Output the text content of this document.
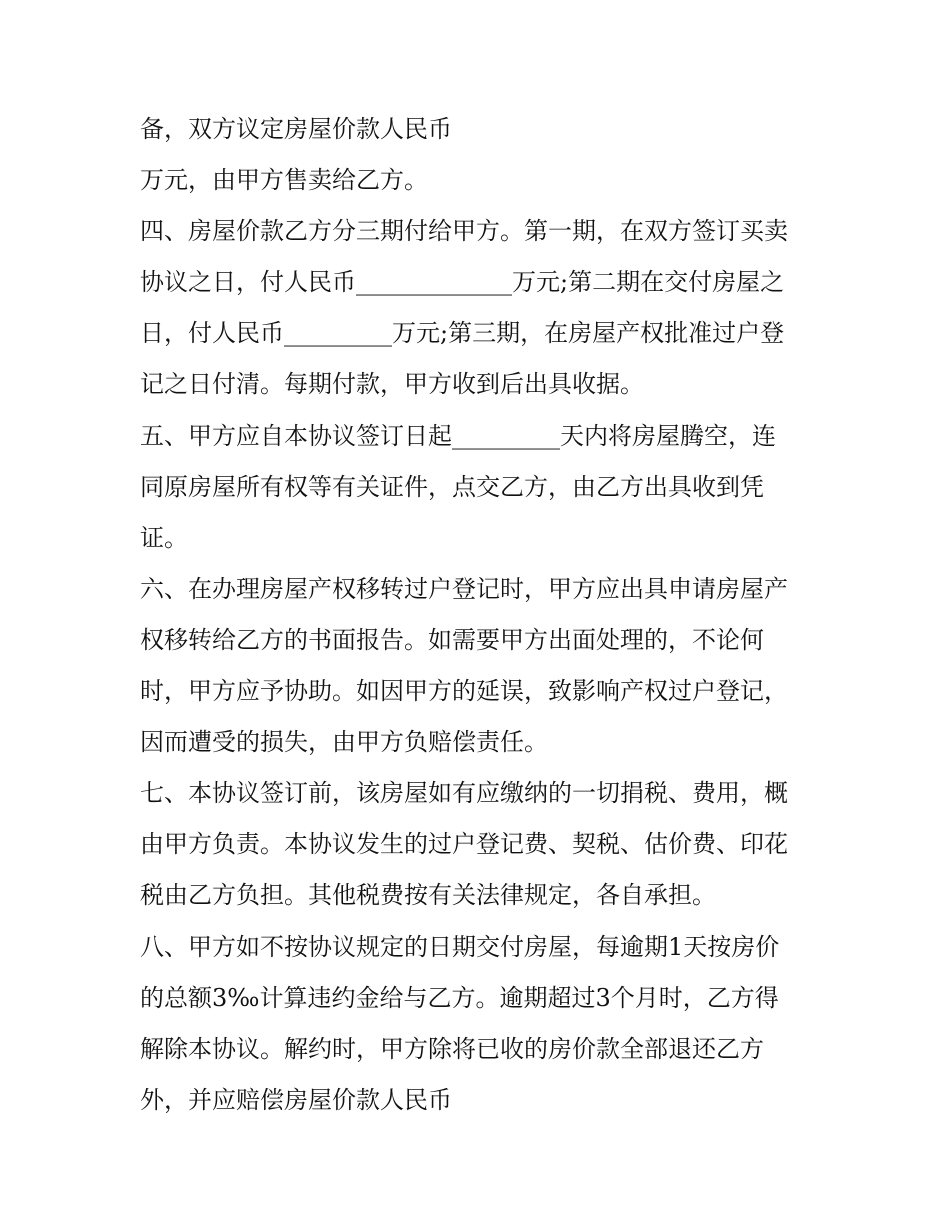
备，双方议定房屋价款人民币
万元，由甲方售卖给乙方。
四、房屋价款乙方分三期付给甲方。第一期，在双方签订买卖
协议之日，付人民币_____________万元;第二期在交付房屋之
日，付人民币_________万元;第三期，在房屋产权批准过户登
记之日付清。每期付款，甲方收到后出具收据。
五、甲方应自本协议签订日起_________天内将房屋腾空，连
同原房屋所有权等有关证件，点交乙方，由乙方出具收到凭
证。
六、在办理房屋产权移转过户登记时，甲方应出具申请房屋产
权移转给乙方的书面报告。如需要甲方出面处理的，不论何
时，甲方应予协助。如因甲方的延误，致影响产权过户登记，
因而遭受的损失，由甲方负赔偿责任。
七、本协议签订前，该房屋如有应缴纳的一切捐税、费用，概
由甲方负责。本协议发生的过户登记费、契税、估价费、印花
税由乙方负担。其他税费按有关法律规定，各自承担。
八、甲方如不按协议规定的日期交付房屋，每逾期1天按房价
的总额3‰计算违约金给与乙方。逾期超过3个月时，乙方得
解除本协议。解约时，甲方除将已收的房价款全部退还乙方
外，并应赔偿房屋价款人民币
